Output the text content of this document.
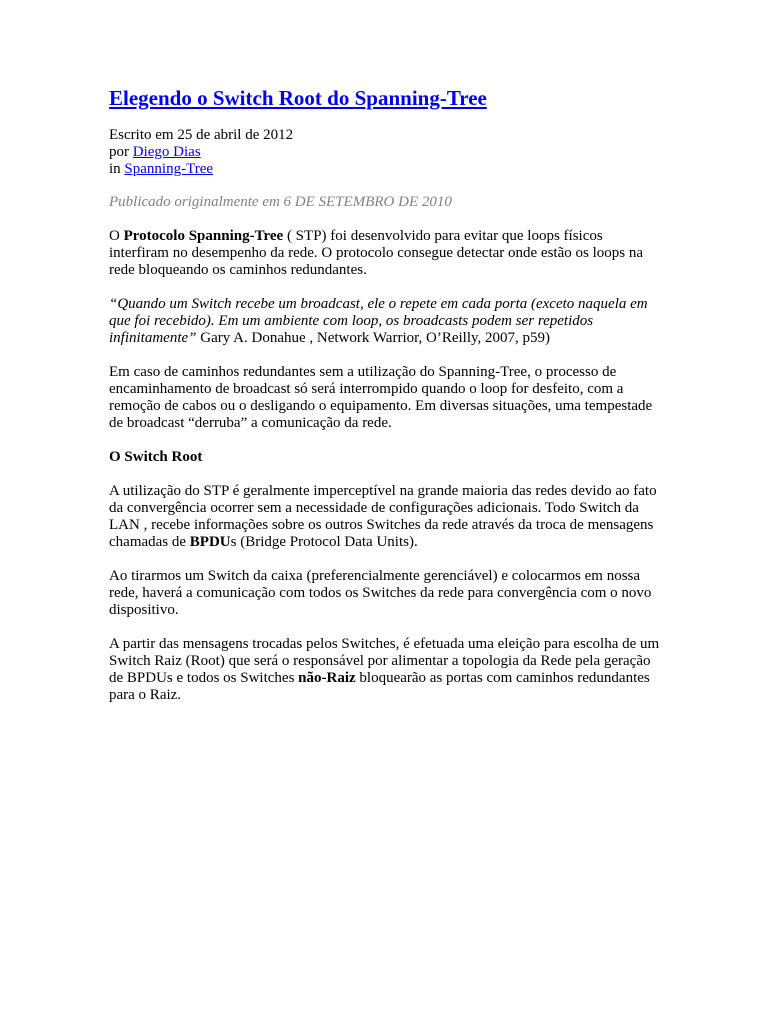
Elegendo o Switch Root do Spanning-Tree
Escrito em 25 de abril de 2012
por Diego Dias
in Spanning-Tree
Publicado originalmente em 6 DE SETEMBRO DE 2010

O Protocolo Spanning-Tree ( STP) foi desenvolvido para evitar que loops físicos interfiram no desempenho da rede. O protocolo consegue detectar onde estão os loops na rede bloqueando os caminhos redundantes.

“Quando um Switch recebe um broadcast, ele o repete em cada porta (exceto naquela em que foi recebido). Em um ambiente com loop, os broadcasts podem ser repetidos infinitamente” Gary A. Donahue , Network Warrior, O’Reilly, 2007, p59)

Em caso de caminhos redundantes sem a utilização do Spanning-Tree, o processo de encaminhamento de broadcast só será interrompido quando o loop for desfeito, com a remoção de cabos ou o desligando o equipamento. Em diversas situações, uma tempestade de broadcast “derruba” a comunicação da rede.

O Switch Root

A utilização do STP é geralmente imperceptível na grande maioria das redes devido ao fato da convergência ocorrer sem a necessidade de configurações adicionais. Todo Switch da LAN , recebe informações sobre os outros Switches da rede através da troca de mensagens chamadas de BPDUs (Bridge Protocol Data Units).

Ao tirarmos um Switch da caixa (preferencialmente gerenciável) e colocarmos em nossa rede, haverá a comunicação com todos os Switches da rede para convergência com o novo dispositivo.

A partir das mensagens trocadas pelos Switches, é efetuada uma eleição para escolha de um Switch Raiz (Root) que será o responsável por alimentar a topologia da Rede pela geração de BPDUs e todos os Switches não-Raiz bloquearão as portas com caminhos redundantes para o Raiz.
